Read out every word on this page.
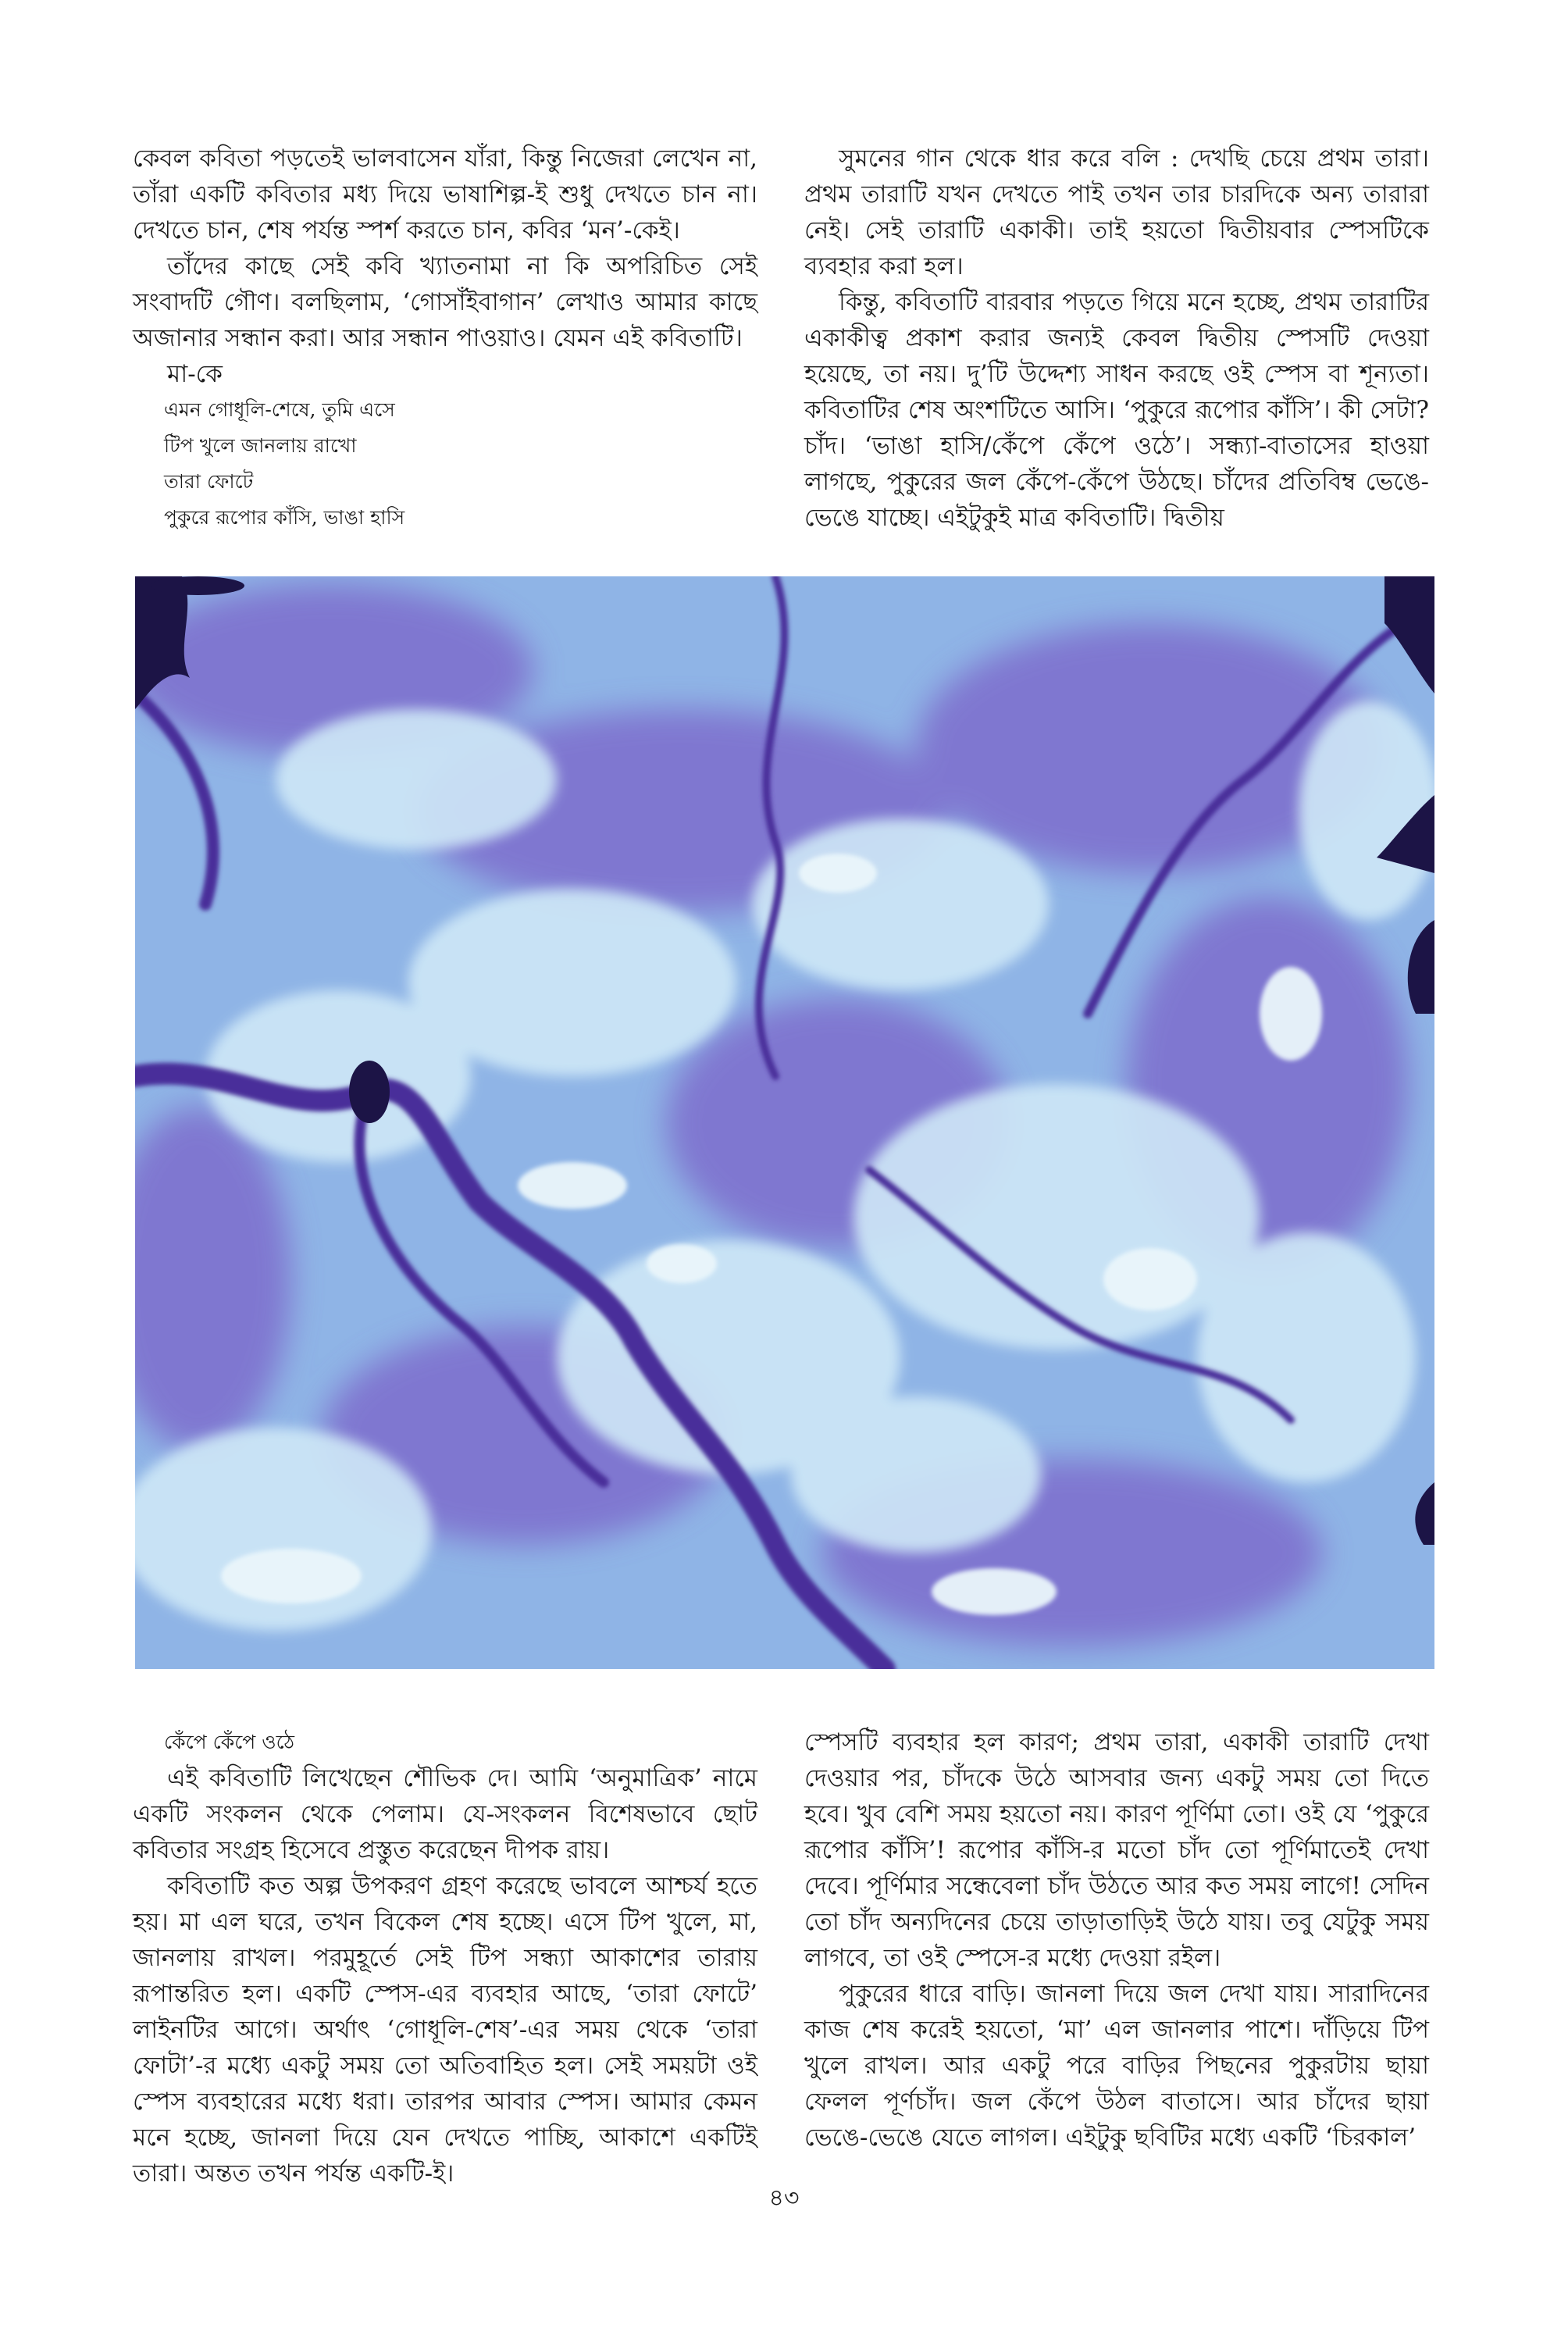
কেবল কবিতা পড়তেই ভালবাসেন যাঁরা, কিন্তু নিজেরা লেখেন না, তাঁরা একটি কবিতার মধ্য দিয়ে ভাষাশিল্প-ই শুধু দেখতে চান না। দেখতে চান, শেষ পর্যন্ত স্পর্শ করতে চান, কবির ‘মন’-কেই।

তাঁদের কাছে সেই কবি খ্যাতনামা না কি অপরিচিত সেই সংবাদটি গৌণ। বলছিলাম, ‘গোসাঁইবাগান’ লেখাও আমার কাছে অজানার সন্ধান করা। আর সন্ধান পাওয়াও। যেমন এই কবিতাটি।

মা-কে

এমন গোধূলি-শেষে, তুমি এসে

টিপ খুলে জানলায় রাখো

তারা ফোটে

পুকুরে রূপোর কাঁসি, ভাঙা হাসি

সুমনের গান থেকে ধার করে বলি : দেখছি চেয়ে প্রথম তারা। প্রথম তারাটি যখন দেখতে পাই তখন তার চারদিকে অন্য তারারা নেই। সেই তারাটি একাকী। তাই হয়তো দ্বিতীয়বার স্পেসটিকে ব্যবহার করা হল।

কিন্তু, কবিতাটি বারবার পড়তে গিয়ে মনে হচ্ছে, প্রথম তারাটির একাকীত্ব প্রকাশ করার জন্যই কেবল দ্বিতীয় স্পেসটি দেওয়া হয়েছে, তা নয়। দু’টি উদ্দেশ্য সাধন করছে ওই স্পেস বা শূন্যতা। কবিতাটির শেষ অংশটিতে আসি। ‘পুকুরে রূপোর কাঁসি’। কী সেটা? চাঁদ। ‘ভাঙা হাসি/কেঁপে কেঁপে ওঠে’। সন্ধ্যা-বাতাসের হাওয়া লাগছে, পুকুরের জল কেঁপে-কেঁপে উঠছে। চাঁদের প্রতিবিম্ব ভেঙে-ভেঙে যাচ্ছে। এইটুকুই মাত্র কবিতাটি। দ্বিতীয়

কেঁপে কেঁপে ওঠে

এই কবিতাটি লিখেছেন শৌভিক দে। আমি ‘অনুমাত্রিক’ নামে একটি সংকলন থেকে পেলাম। যে-সংকলন বিশেষভাবে ছোট কবিতার সংগ্রহ হিসেবে প্রস্তুত করেছেন দীপক রায়।

কবিতাটি কত অল্প উপকরণ গ্রহণ করেছে ভাবলে আশ্চর্য হতে হয়। মা এল ঘরে, তখন বিকেল শেষ হচ্ছে। এসে টিপ খুলে, মা, জানলায় রাখল। পরমুহূর্তে সেই টিপ সন্ধ্যা আকাশের তারায় রূপান্তরিত হল। একটি স্পেস-এর ব্যবহার আছে, ‘তারা ফোটে’ লাইনটির আগে। অর্থাৎ ‘গোধূলি-শেষ’-এর সময় থেকে ‘তারা ফোটা’-র মধ্যে একটু সময় তো অতিবাহিত হল। সেই সময়টা ওই স্পেস ব্যবহারের মধ্যে ধরা। তারপর আবার স্পেস। আমার কেমন মনে হচ্ছে, জানলা দিয়ে যেন দেখতে পাচ্ছি, আকাশে একটিই তারা। অন্তত তখন পর্যন্ত একটি-ই।

স্পেসটি ব্যবহার হল কারণ; প্রথম তারা, একাকী তারাটি দেখা দেওয়ার পর, চাঁদকে উঠে আসবার জন্য একটু সময় তো দিতে হবে। খুব বেশি সময় হয়তো নয়। কারণ পূর্ণিমা তো। ওই যে ‘পুকুরে রূপোর কাঁসি’! রূপোর কাঁসি-র মতো চাঁদ তো পূর্ণিমাতেই দেখা দেবে। পূর্ণিমার সন্ধেবেলা চাঁদ উঠতে আর কত সময় লাগে! সেদিন তো চাঁদ অন্যদিনের চেয়ে তাড়াতাড়িই উঠে যায়। তবু যেটুকু সময় লাগবে, তা ওই স্পেসে-র মধ্যে দেওয়া রইল।

পুকুরের ধারে বাড়ি। জানলা দিয়ে জল দেখা যায়। সারাদিনের কাজ শেষ করেই হয়তো, ‘মা’ এল জানলার পাশে। দাঁড়িয়ে টিপ খুলে রাখল। আর একটু পরে বাড়ির পিছনের পুকুরটায় ছায়া ফেলল পূর্ণচাঁদ। জল কেঁপে উঠল বাতাসে। আর চাঁদের ছায়া ভেঙে-ভেঙে যেতে লাগল। এইটুকু ছবিটির মধ্যে একটি ‘চিরকাল’

৪৩
